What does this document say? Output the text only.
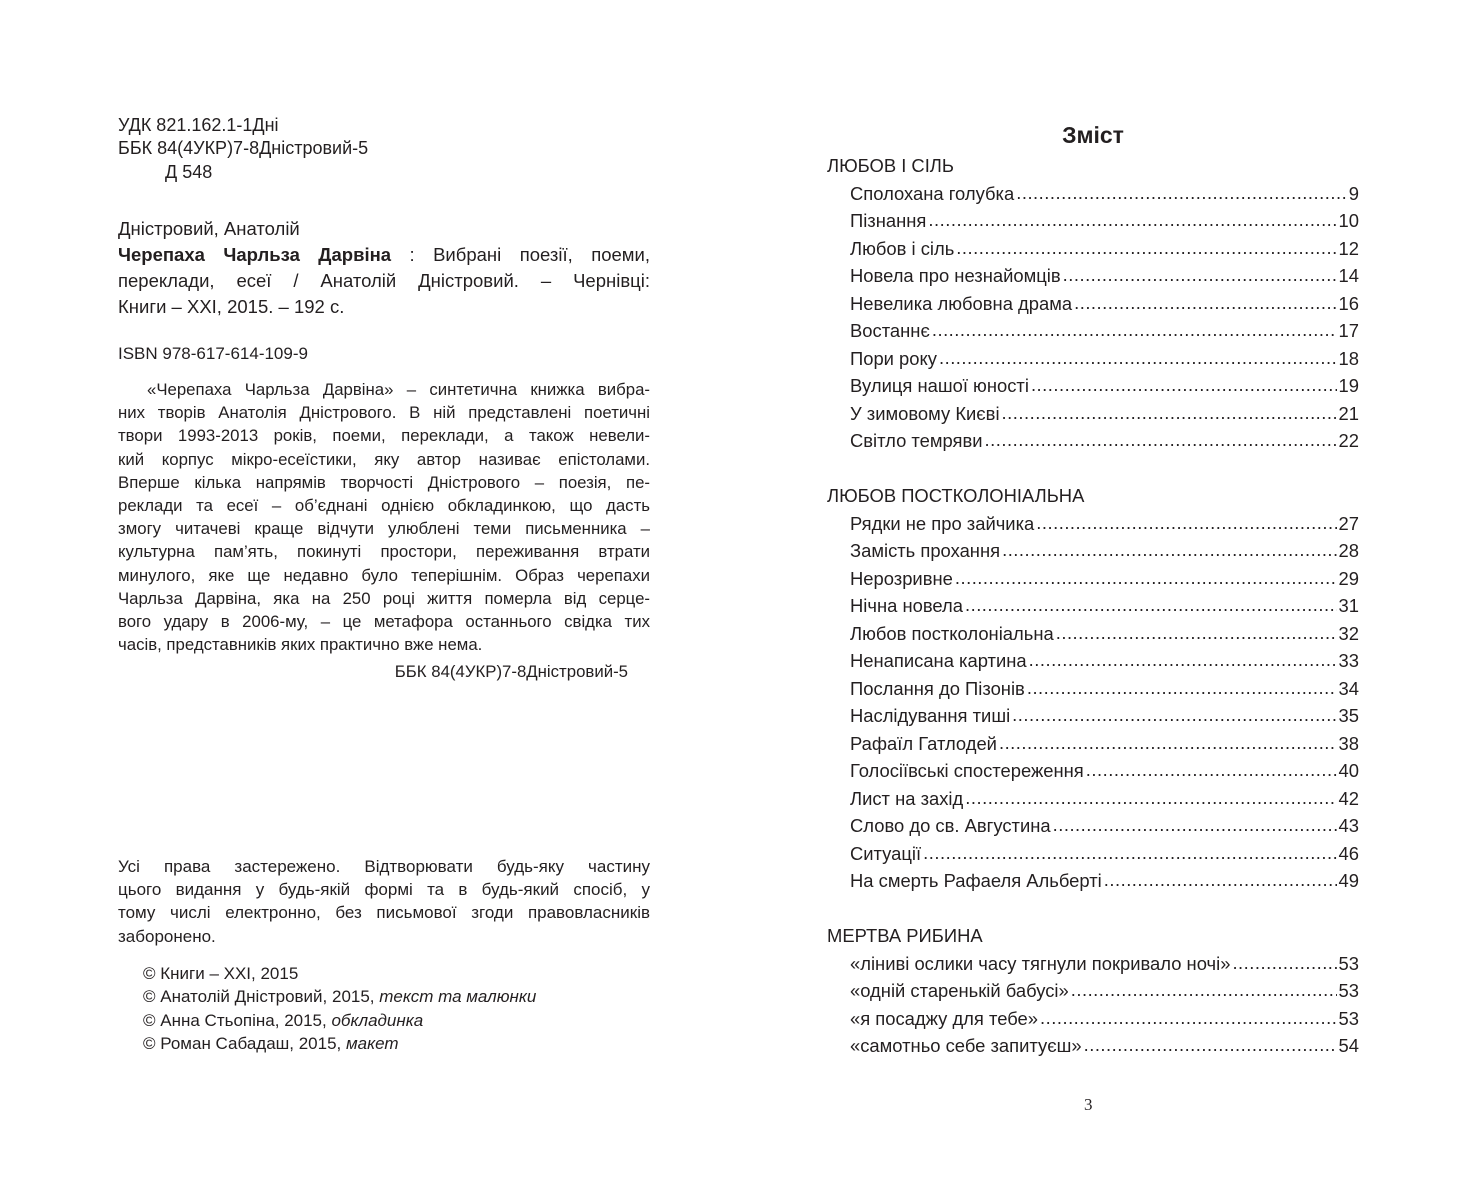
УДК 821.162.1-1Дні
ББК 84(4УКР)7-8Дністровий-5
Д 548
Дністровий, Анатолій
Черепаха Чарльза Дарвіна : Вибрані поезії, поеми,
переклади, есеї / Анатолій Дністровий. – Чернівці:
Книги – ХХІ, 2015. – 192 с.
ISBN 978-617-614-109-9
«Черепаха Чарльза Дарвіна» – синтетична книжка вибра-
них творів Анатолія Дністрового. В ній представлені поетичні
твори 1993-2013 років, поеми, переклади, а також невели-
кий корпус мікро-есеїстики, яку автор називає епістолами.
Вперше кілька напрямів творчості Дністрового – поезія, пе-
реклади та есеї – об’єднані однією обкладинкою, що дасть
змогу читачеві краще відчути улюблені теми письменника –
культурна пам’ять, покинуті простори, переживання втрати
минулого, яке ще недавно було теперішнім. Образ черепахи
Чарльза Дарвіна, яка на 250 році життя померла від серце-
вого удару в 2006-му, – це метафора останнього свідка тих
часів, представників яких практично вже нема.
ББК 84(4УКР)7-8Дністровий-5
Усі права застережено. Відтворювати будь-яку частину
цього видання у будь-якій формі та в будь-який спосіб, у
тому числі електронно, без письмової згоди правовласників
заборонено.
© Книги – ХХІ, 2015
© Анатолій Дністровий, 2015, текст та малюнки
© Анна Стьопіна, 2015, обкладинка
© Роман Сабадаш, 2015, макет
Зміст
ЛЮБОВ І СІЛЬ
Сполохана голубка .....	9
Пізнання .....	10
Любов і сіль .....	12
Новела про незнайомців .....	14
Невелика любовна драма .....	16
Востаннє .....	17
Пори року .....	18
Вулиця нашої юності .....	19
У зимовому Києві .....	21
Світло темряви .....	22
ЛЮБОВ ПОСТКОЛОНІАЛЬНА
Рядки не про зайчика .....	27
Замість прохання .....	28
Нерозривне .....	29
Нічна новела .....	31
Любов постколоніальна .....	32
Ненаписана картина .....	33
Послання до Пізонів .....	34
Наслідування тиші .....	35
Рафаїл Гатлодей .....	38
Голосіївські спостереження .....	40
Лист на захід .....	42
Слово до св. Августина .....	43
Ситуації .....	46
На смерть Рафаеля Альберті .....	49
МЕРТВА РИБИНА
«ліниві ослики часу тягнули покривало ночі» .....	53
«одній старенькій бабусі» .....	53
«я посаджу для тебе» .....	53
«самотньо себе запитуєш» .....	54
3
